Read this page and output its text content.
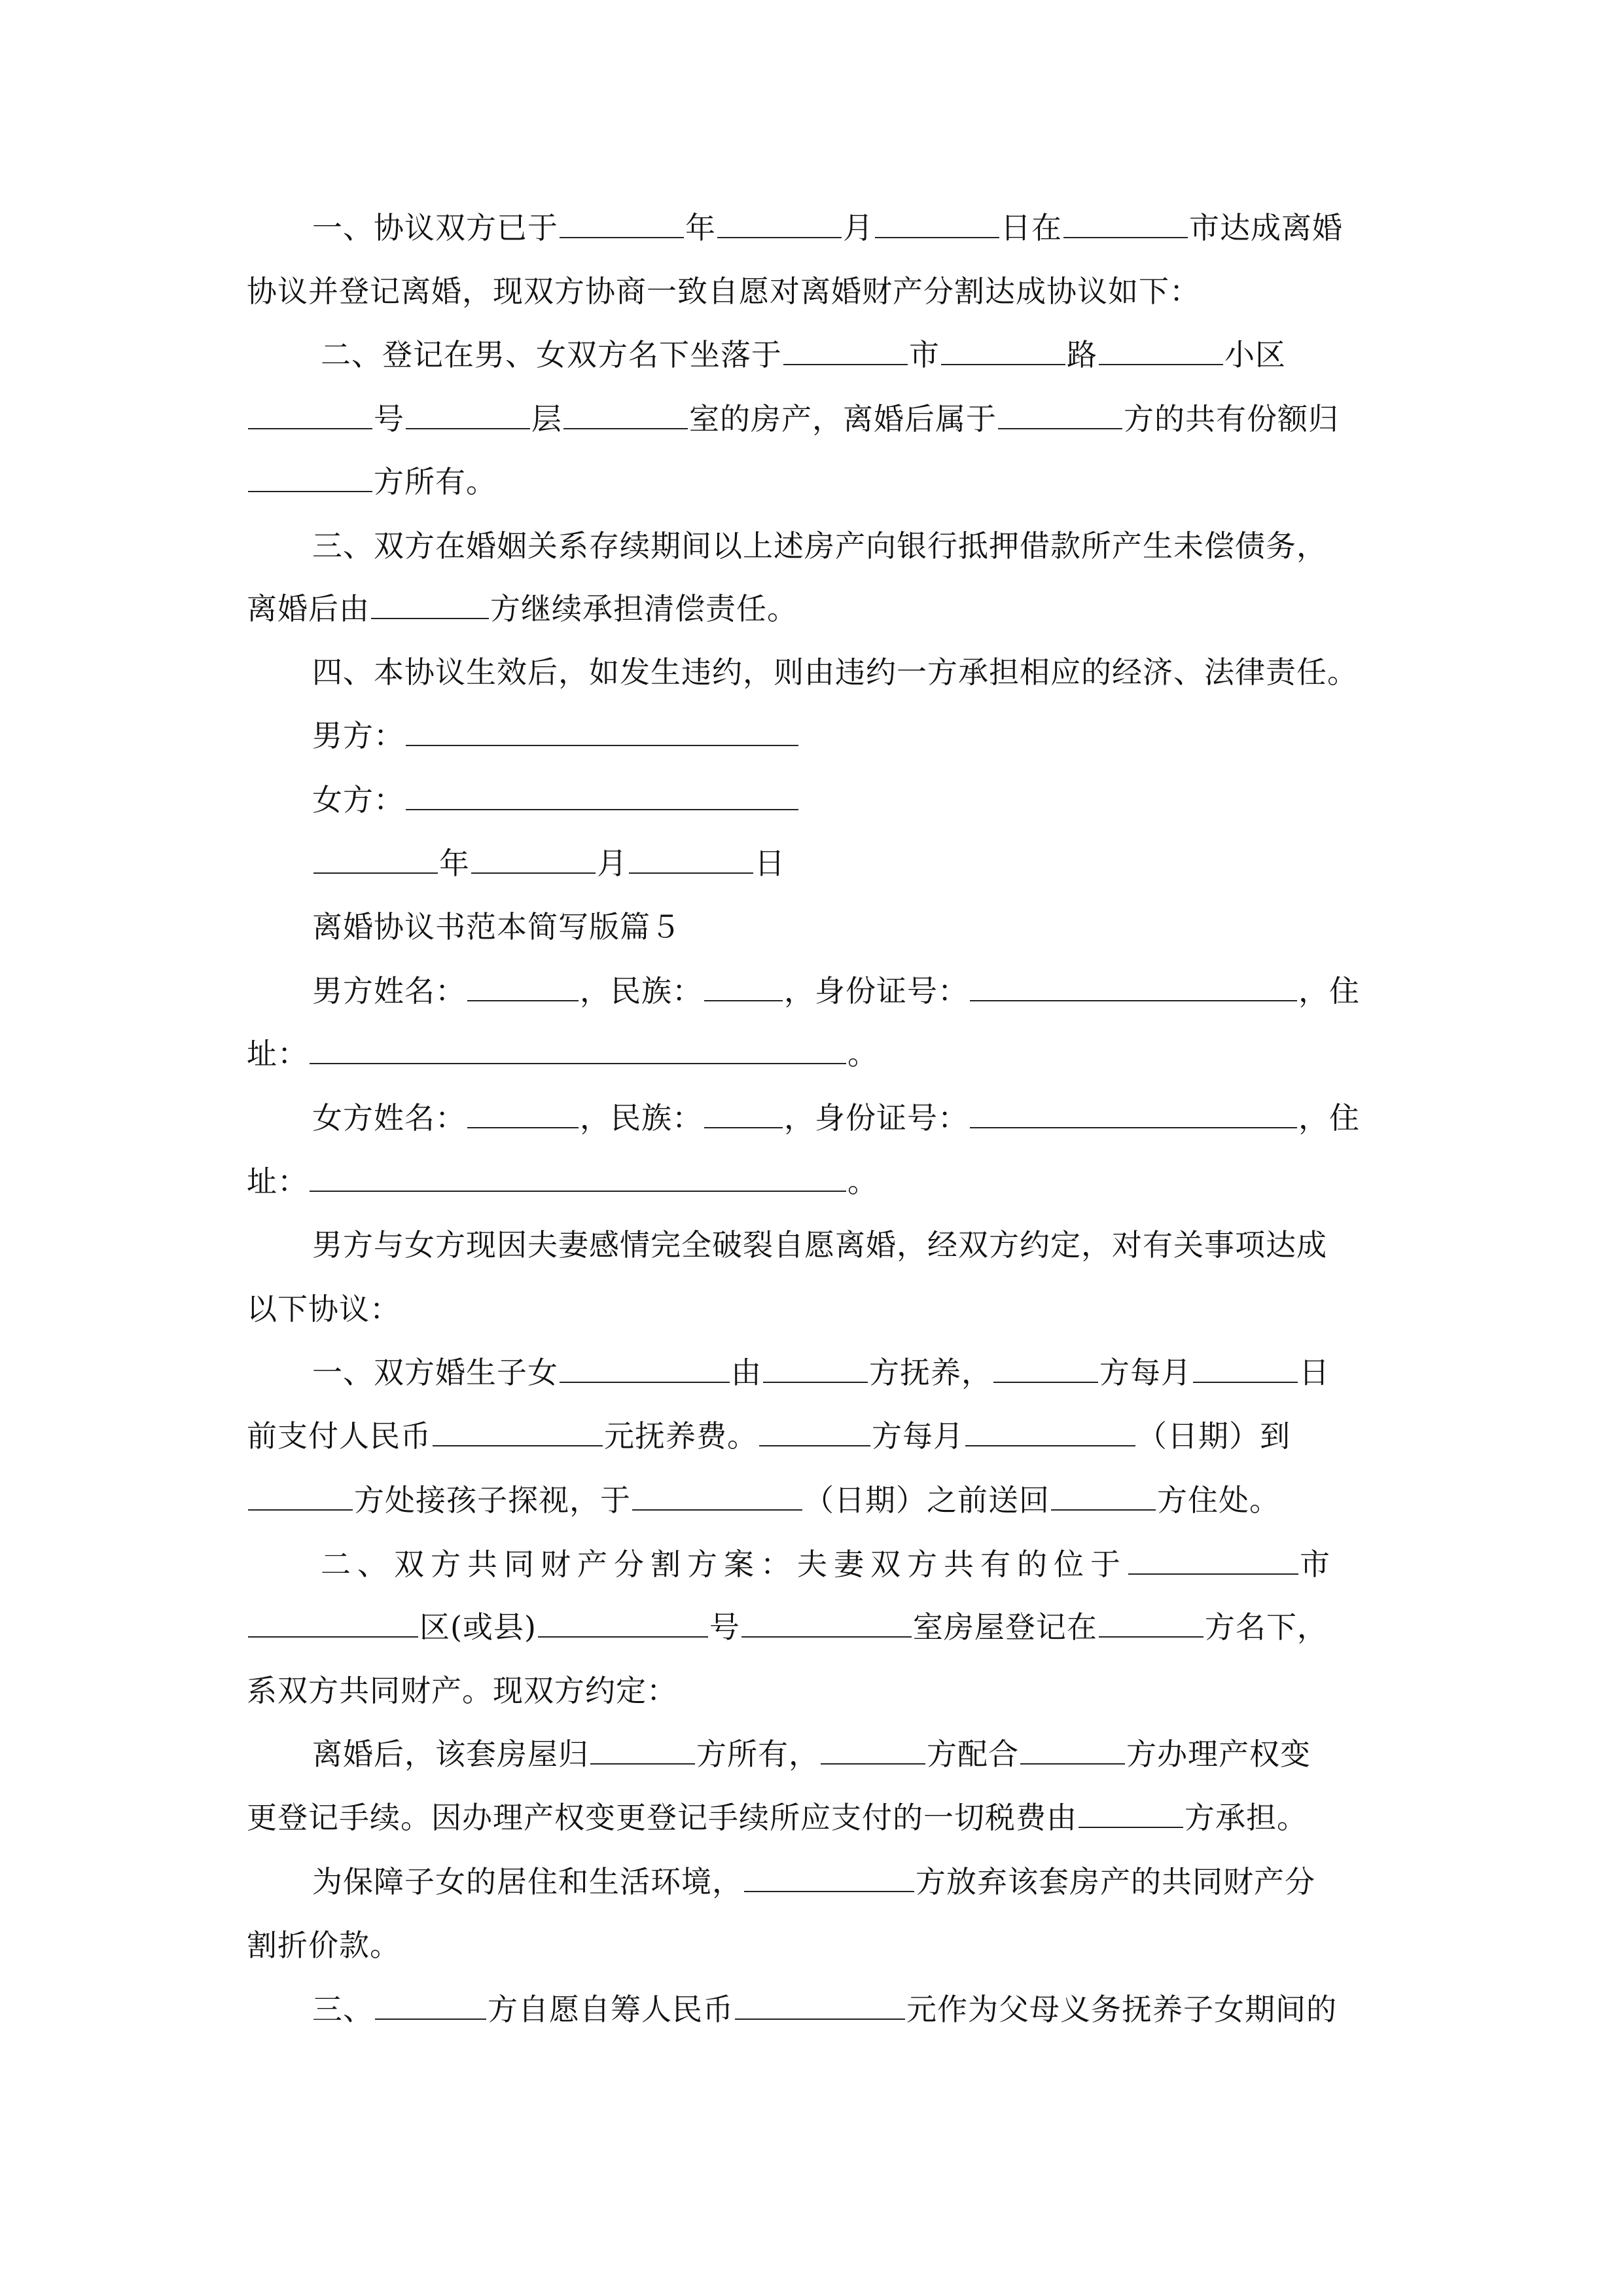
一、协议双方已于	年	月	日在	市达成离婚
协议并登记离婚，现双方协商一致自愿对离婚财产分割达成协议如下：
二、登记在男、女双方名下坐落于	市	路	小区
号	层	室的房产，离婚后属于	方的共有份额归
方所有。
三、双方在婚姻关系存续期间以上述房产向银行抵押借款所产生未偿债务，
离婚后由	方继续承担清偿责任。
四、本协议生效后，如发生违约，则由违约一方承担相应的经济、法律责任。
男方：
女方：
年	月	日
离婚协议书范本简写版篇５
男方姓名：	，民族：	，身份证号：	，住
址：	。
女方姓名：	，民族：	，身份证号：	，住
址：	。
男方与女方现因夫妻感情完全破裂自愿离婚，经双方约定，对有关事项达成
以下协议：
一、双方婚生子女	由	方抚养，	方每月	日
前支付人民币	元抚养费。	方每月	（日期）到
方处接孩子探视，于	（日期）之前送回	方住处。
二、双方共同财产分割方案：夫妻双方共有的位于	市
区(或县)	号	室房屋登记在	方名下，
系双方共同财产。现双方约定：
离婚后，该套房屋归	方所有，	方配合	方办理产权变
更登记手续。因办理产权变更登记手续所应支付的一切税费由	方承担。
为保障子女的居住和生活环境，	方放弃该套房产的共同财产分
割折价款。
三、	方自愿自筹人民币	元作为父母义务抚养子女期间的
